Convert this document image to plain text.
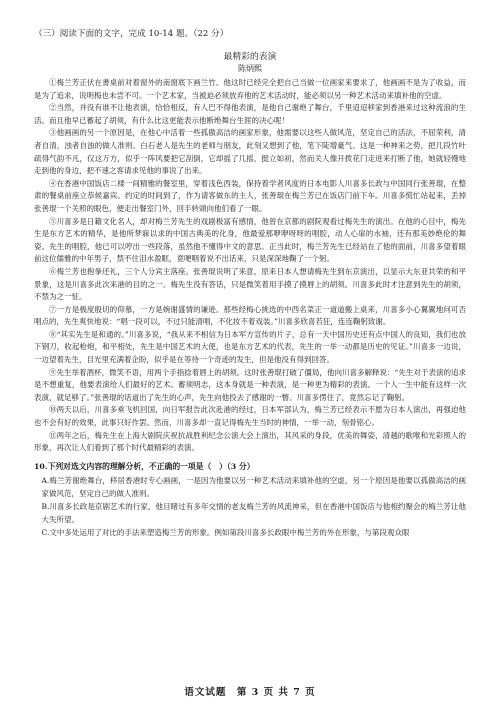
（三）阅读下面的文字，完成 10-14 题。（22 分）
最精彩的表演
陈炳熙

①梅兰芳正伏在書桌前对着窗外的南窗底下画兰竹。他这时已经完全把自己当做一位画家来要求了，他画画不是为了收益，而是为了追求，说明梅也未尝不可。一个艺术家，当被迫必须放弃他的艺术活动时，能必须以另一种艺术活动来填补他的空虚。

②当然，并没有谁不让他表演，恰恰相反，有人巴不得他表演，是他自己谢绝了舞台，千里迢迢移家到香港来过这种流浪的生活。而且他早已蓄起了胡须，有什么比这更能表示他断绝舞台生涯的决心呢！

③他画画的另一个原因是，在他心中活着一些孤傲高洁的画家形象，他需要以这些人做风范，坚定自己的活法，不屈荣利，清者自清，浊者自浊的做人准则。白石老人是先生的老师与朋友，此刻又想到了他，笔下陡增豪气。这是一种神来之势，把几段竹叶疏得气韵不凡，仅这万方，似乎一阵风要把它刮倒，它却摇了几摇，挺立如初，然而关人像开拨花门走进来打断了他，她就轻慢地走到他的身边，把不速之客请求见他的事说了出来。

④在香港中国饭店二楼一间精雅的餐室里，穿着浅色西装，保持着学者风度的日本电影人川喜多长政与中国同行张善琨，在整肃的餐桌前座立恭候嘉宾。约定的时间到了，作为请客做东的主人，张善琨在梅兰芳已在饭店门前下车。川喜多慌忙站起来，丢掉张善琨一个关照的眼色，便走出餐室门外，回手转頭向他们看了一眼。

⑤川喜多是日籍文化名人，却对梅兰芳先生的戏剧极富有感情，他曾在京都的剧院观看过梅先生的演出。在他的心目中，梅先生是东方艺术的精华，是他所梦寐以求的中国古典美的化身，他最爱那咿咿呀呀的唱腔，动人心扉的水袖，还有那美妙绝伦的舞姿。先生的唱腔，他已可以哼出一些段落，虽然他不懂得中文的意思。正当此时，梅兰芳先生已经站在了他的面前，川喜多望着眼前这位儒雅的中年男子，禁不住泪水盈眶，竟哽咽着说不出话来，只是深深地鞠了一个躬。

⑥梅兰芳也抱拳还礼，三个人分宾主落座。张善琨说明了来意，原来日本人想请梅先生到东京演出，以显示大东亚共荣的和平景象，这是川喜多此次来港的目的之一。梅先生没有答话，只是微笑着用手摸了摸唇上的胡须。川喜多此时才注意到先生的胡须，不禁为之一怔。

⑦一方是极度殷切的仰慕，一方是婉谢盛情的谦逊。那些经梅心挑选的中西名菜正一道道搬上桌来，川喜多小心翼翼地问可否唱点的，先生爽快地说：“唱一段可以，不过只能清唱，不化妆不着戏装。”川喜多欣喜若狂，连连鞠躬致谢。

⑧“其实先生是和通的。”川喜多说，“我从来不相信为日本军方宣传的片子，总有一天中国历史还有点中国人的良知，我们也放下钢刀，收起枪炮，和平相处，先生是中国艺术的大使，也是东方艺术的代表，先生的一举一动都是历史的见证。”川喜多一边说，一边望着先生，目光里充满着企盼，似乎是在等待一个奇迹的发生，但是他没有得到回答。

⑨先生举着酒杯，微笑不语，用两个手指捻着唇上的胡须。这时张善琨打破了僵局，他向川喜多解释说：“先生对于表演的追求是不想重复，他要表演给人们最好的艺术。蓄须明志，这本身就是一种表演，是一种更为精彩的表演。一个人一生中能有这样一次表演，就足够了。”张善琨的话道出了先生的心声，先生向他投去了感谢的一瞥。川喜多愣住了，竟然忘记了鞠躬。

⑩两天以后，川喜多乘飞机回国，向日军报告此次赴港的经过，日本军部认为，梅兰芳已经表示不愿为日本人演出，再强迫他也不会有好的效果，此事只好作罢。然而，川喜多却一直记得梅先生当时的神情，一举一动，刻骨铭心。

⑪两年之后，梅先生在上海大剧院庆祝抗战胜利纪念公演大会上演出，其风采的身段，优美的舞姿，清越的歌喉和光彩照人的形象，再次让人们看到了那个时代最精彩的表演。

10.下列对选文内容的理解分析，不正确的一项是（　）（3 分）

A.梅兰芳谢绝舞台，移居香港时专心画画，一是因为他要以另一种艺术活动来填补他的空虚，另一个原因是他要以孤傲高洁的画家做风范，坚定自己的做人准则。

B.川喜多长政是京剧艺术的行家，他目睹过有多年交情的老友梅兰芳的风流神采，但在香港中国饭店与他相约聚会的梅兰芳让他大失所望。

C.文中多处运用了对比的手法来塑造梅兰芳的形象。例如第段川喜多长政眼中梅兰芳的外在形象，与第段观众眼

语文试题　第 3 页 共 7 页
